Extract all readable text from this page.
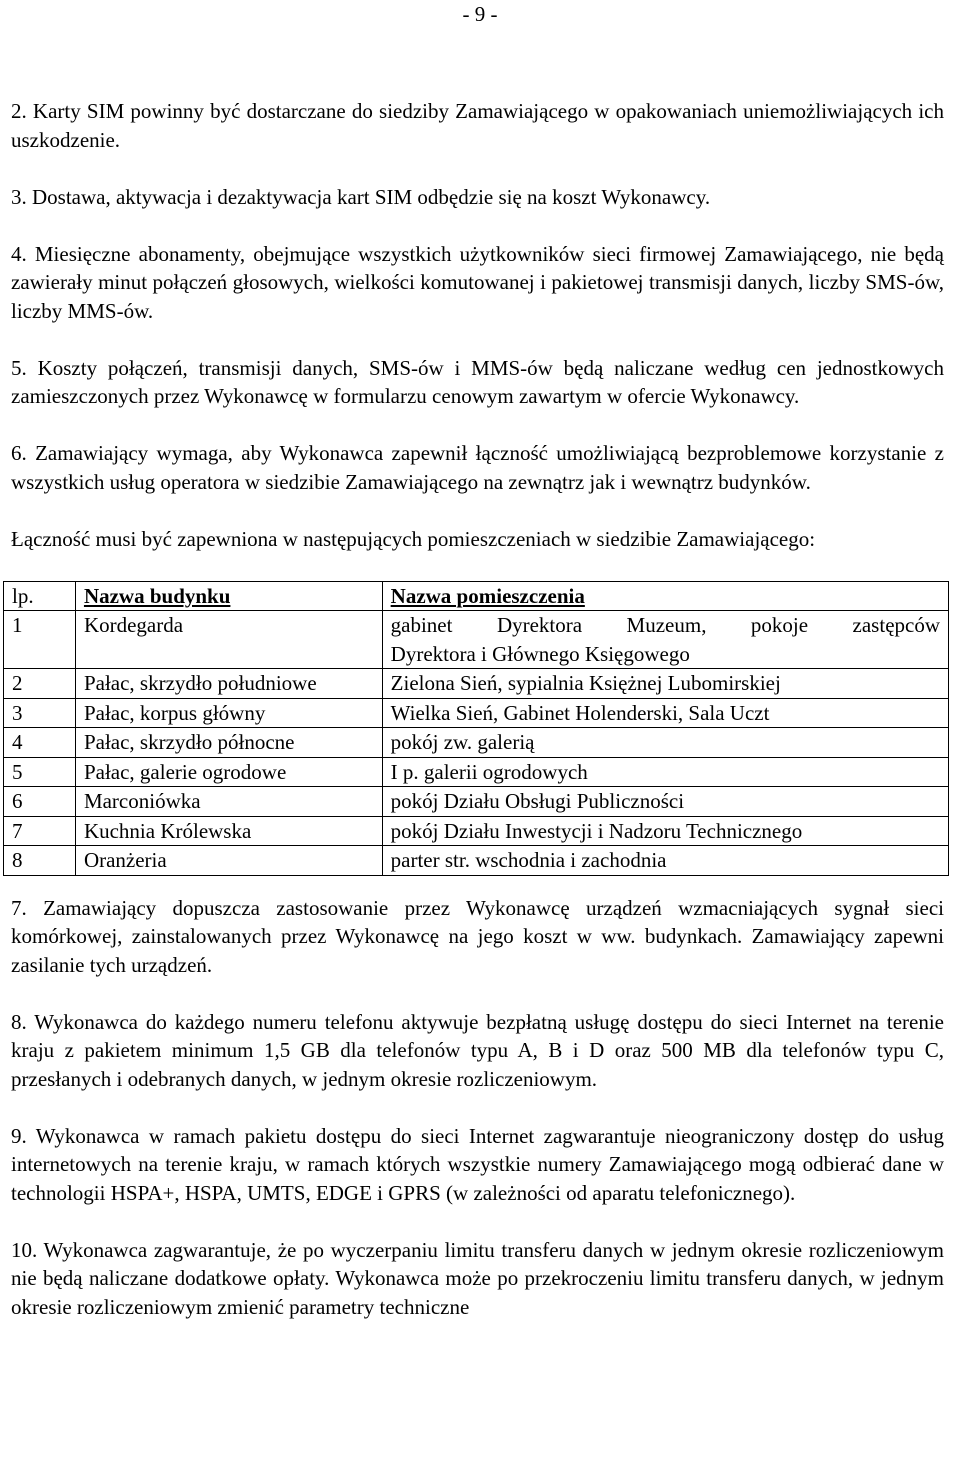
- 9 -

2. Karty SIM powinny być dostarczane do siedziby Zamawiającego w opakowaniach uniemożliwiających ich uszkodzenie.

3. Dostawa, aktywacja i dezaktywacja kart SIM odbędzie się na koszt Wykonawcy.

4. Miesięczne abonamenty, obejmujące wszystkich użytkowników sieci firmowej Zamawiającego, nie będą zawierały minut połączeń głosowych, wielkości komutowanej i pakietowej transmisji danych, liczby SMS-ów, liczby MMS-ów.

5. Koszty połączeń, transmisji danych, SMS-ów i MMS-ów będą naliczane według cen jednostkowych zamieszczonych przez Wykonawcę w formularzu cenowym zawartym w ofercie Wykonawcy.

6. Zamawiający wymaga, aby Wykonawca zapewnił łączność umożliwiającą bezproblemowe korzystanie z wszystkich usług operatora w siedzibie Zamawiającego na zewnątrz jak i wewnątrz budynków.

Łączność musi być zapewniona w następujących pomieszczeniach w siedzibie Zamawiającego:

lp.	Nazwa budynku	Nazwa pomieszczenia
1	Kordegarda	gabinet Dyrektora Muzeum, pokoje zastępców
Dyrektora i Głównego Księgowego

2	Pałac, skrzydło południowe	Zielona Sień, sypialnia Księżnej Lubomirskiej
3	Pałac, korpus główny	Wielka Sień, Gabinet Holenderski, Sala Uczt
4	Pałac, skrzydło północne	pokój zw. galerią
5	Pałac, galerie ogrodowe	I p. galerii ogrodowych
6	Marconiówka	pokój Działu Obsługi Publiczności
7	Kuchnia Królewska	pokój Działu Inwestycji i Nadzoru Technicznego
8	Oranżeria	parter str. wschodnia i zachodnia

7. Zamawiający dopuszcza zastosowanie przez Wykonawcę urządzeń wzmacniających sygnał sieci komórkowej, zainstalowanych przez Wykonawcę na jego koszt w ww. budynkach. Zamawiający zapewni zasilanie tych urządzeń.

8. Wykonawca do każdego numeru telefonu aktywuje bezpłatną usługę dostępu do sieci Internet na terenie kraju z pakietem minimum 1,5 GB dla telefonów typu A, B i D oraz 500 MB dla telefonów typu C, przesłanych i odebranych danych, w jednym okresie rozliczeniowym.

9. Wykonawca w ramach pakietu dostępu do sieci Internet zagwarantuje nieograniczony dostęp do usług internetowych na terenie kraju, w ramach których wszystkie numery Zamawiającego mogą odbierać dane w technologii HSPA+, HSPA, UMTS, EDGE i GPRS (w zależności od aparatu telefonicznego).

10. Wykonawca zagwarantuje, że po wyczerpaniu limitu transferu danych w jednym okresie rozliczeniowym nie będą naliczane dodatkowe opłaty. Wykonawca może po przekroczeniu limitu transferu danych, w jednym okresie rozliczeniowym zmienić parametry techniczne
